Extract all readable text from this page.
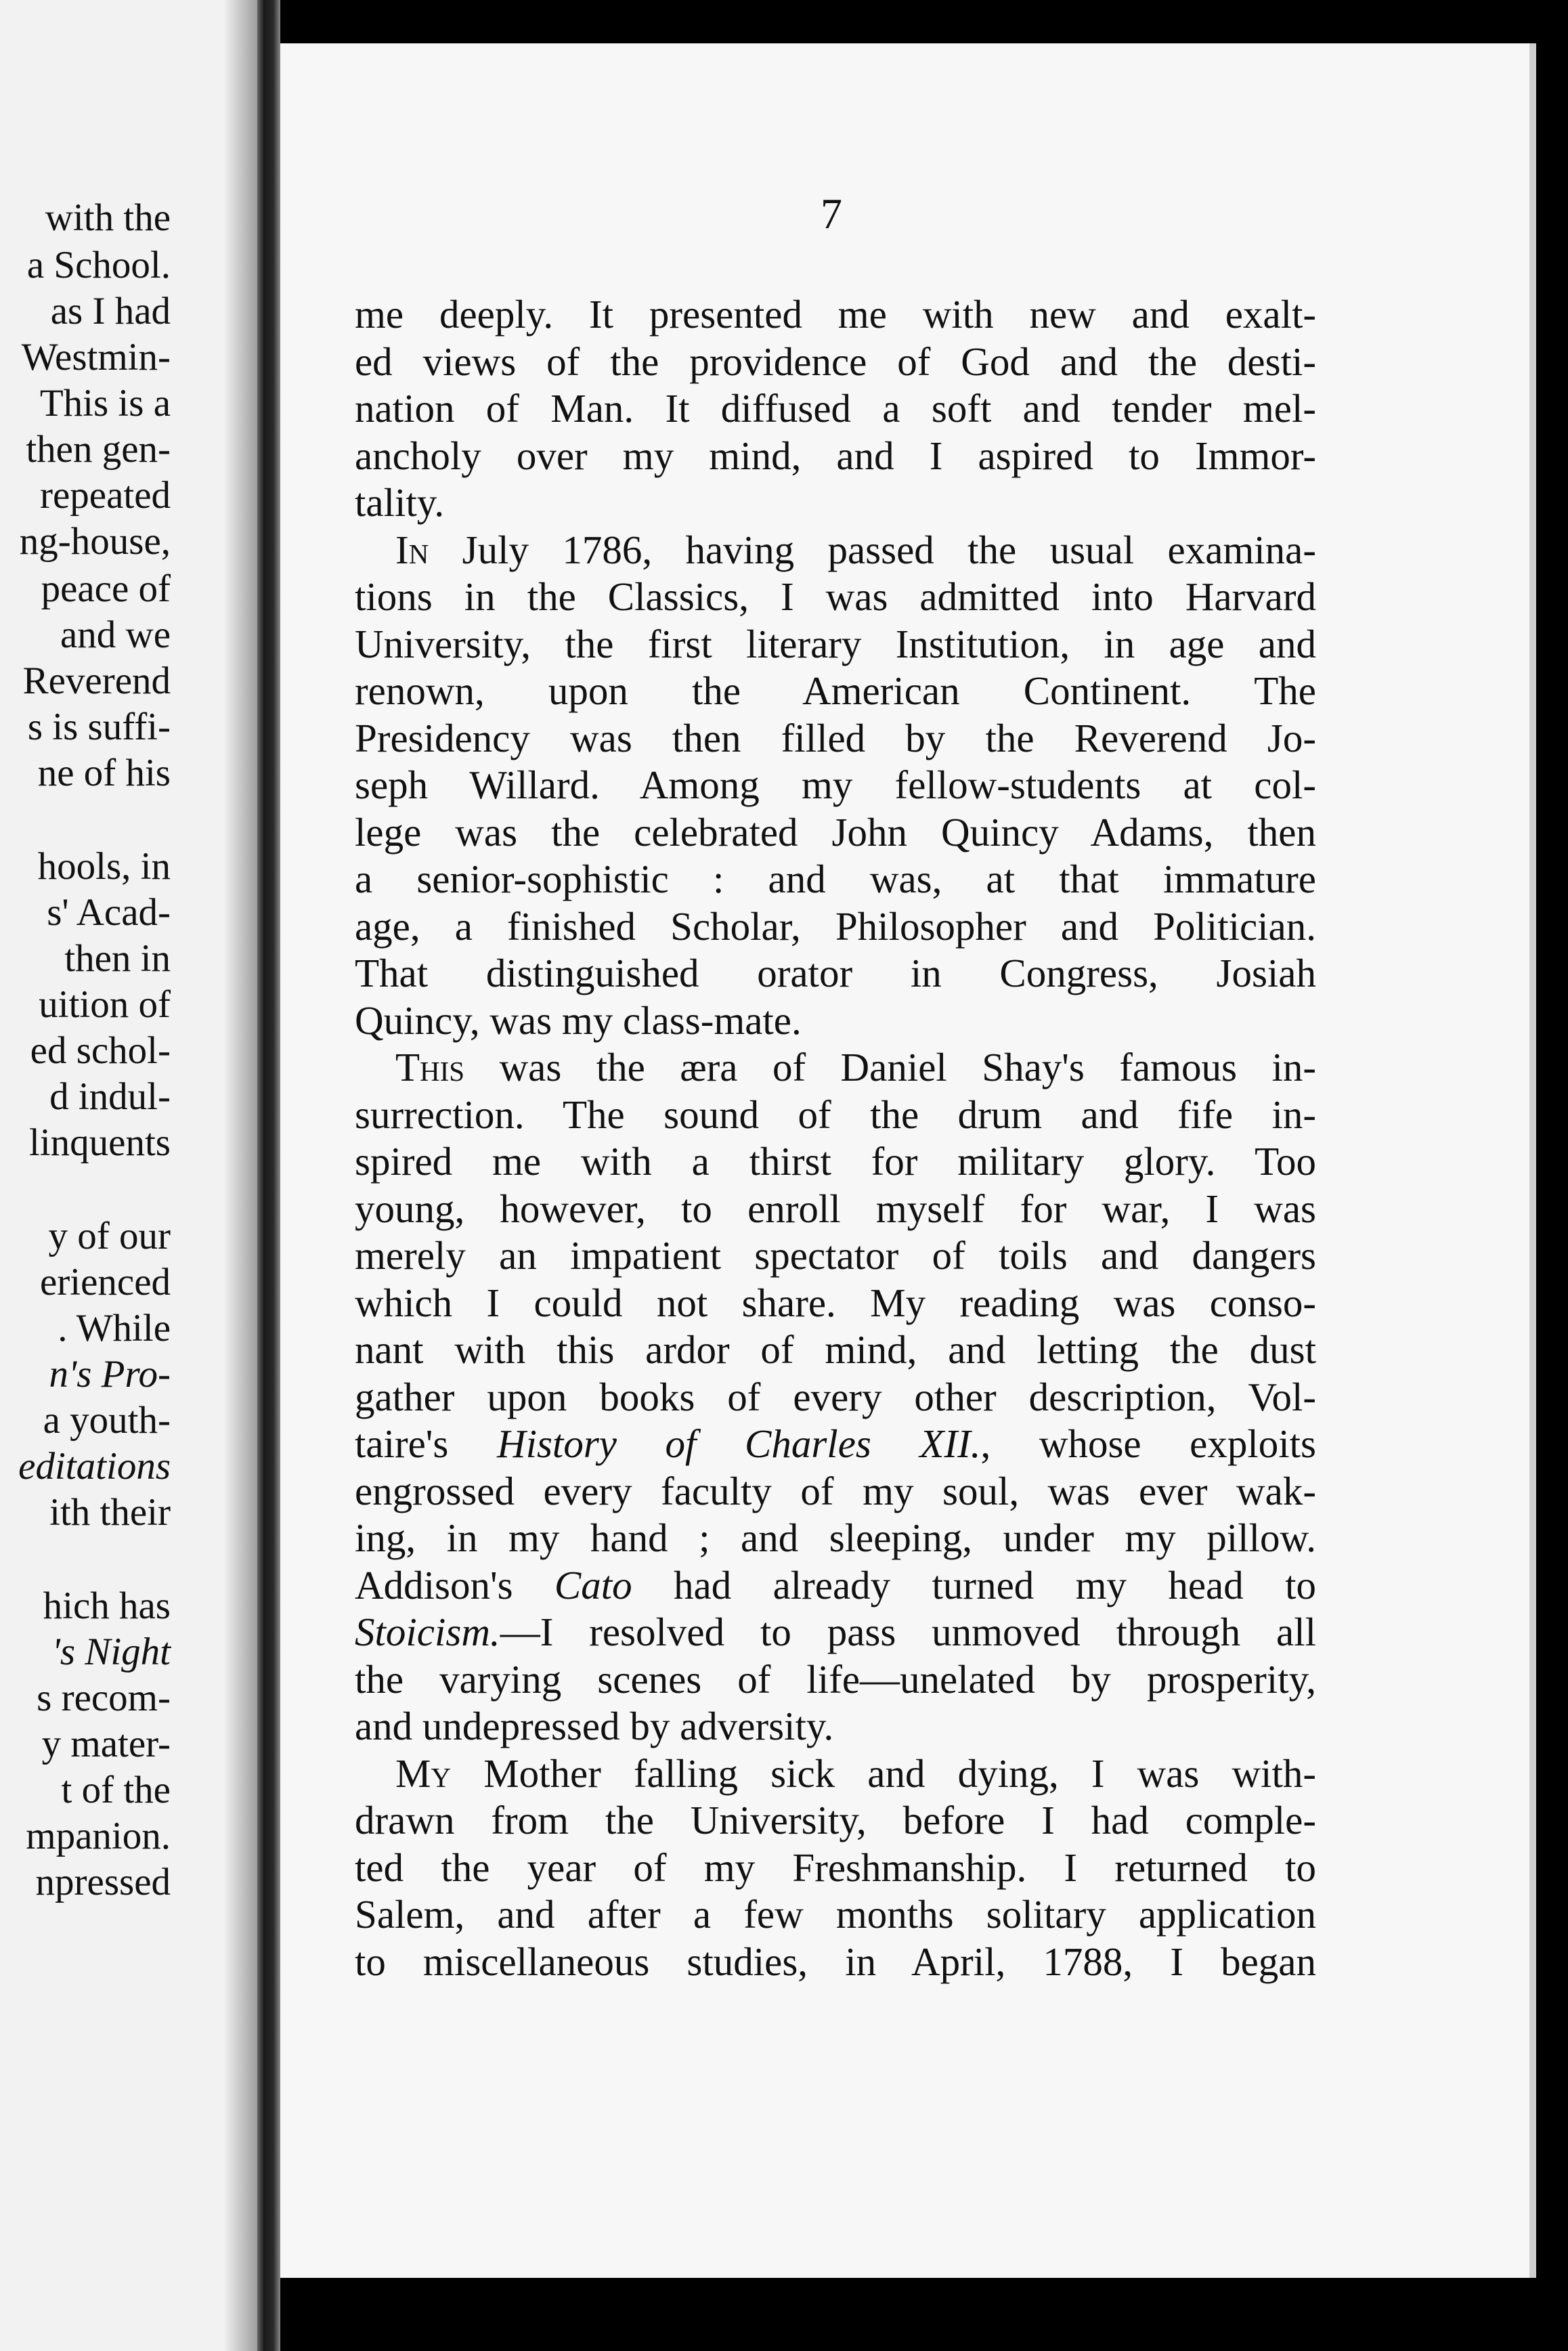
with the
a School.
as I had
Westmin-
This is a
then gen-
repeated
ng-house,
peace of
and we
Reverend
s is suffi-
ne of his
hools, in
s' Acad-
then in
uition of
ed schol-
d indul-
linquents
y of our
erienced
. While
n's Pro-
a youth-
editations
ith their
hich has
's Night
s recom-
y mater-
t of the
mpanion.
npressed
7
me deeply. It presented me with new and exalt-
ed views of the providence of God and the desti-
nation of Man. It diffused a soft and tender mel-
ancholy over my mind, and I aspired to Immor-
tality.
In July 1786, having passed the usual examina-
tions in the Classics, I was admitted into Harvard
University, the first literary Institution, in age and
renown, upon the American Continent. The
Presidency was then filled by the Reverend Jo-
seph Willard. Among my fellow-students at col-
lege was the celebrated John Quincy Adams, then
a senior-sophistic : and was, at that immature
age, a finished Scholar, Philosopher and Politician.
That distinguished orator in Congress, Josiah
Quincy, was my class-mate.
This was the æra of Daniel Shay's famous in-
surrection. The sound of the drum and fife in-
spired me with a thirst for military glory. Too
young, however, to enroll myself for war, I was
merely an impatient spectator of toils and dangers
which I could not share. My reading was conso-
nant with this ardor of mind, and letting the dust
gather upon books of every other description, Vol-
taire's History of Charles XII., whose exploits
engrossed every faculty of my soul, was ever wak-
ing, in my hand ; and sleeping, under my pillow.
Addison's Cato had already turned my head to
Stoicism.—I resolved to pass unmoved through all
the varying scenes of life—unelated by prosperity,
and undepressed by adversity.
My Mother falling sick and dying, I was with-
drawn from the University, before I had comple-
ted the year of my Freshmanship. I returned to
Salem, and after a few months solitary application
to miscellaneous studies, in April, 1788, I began
